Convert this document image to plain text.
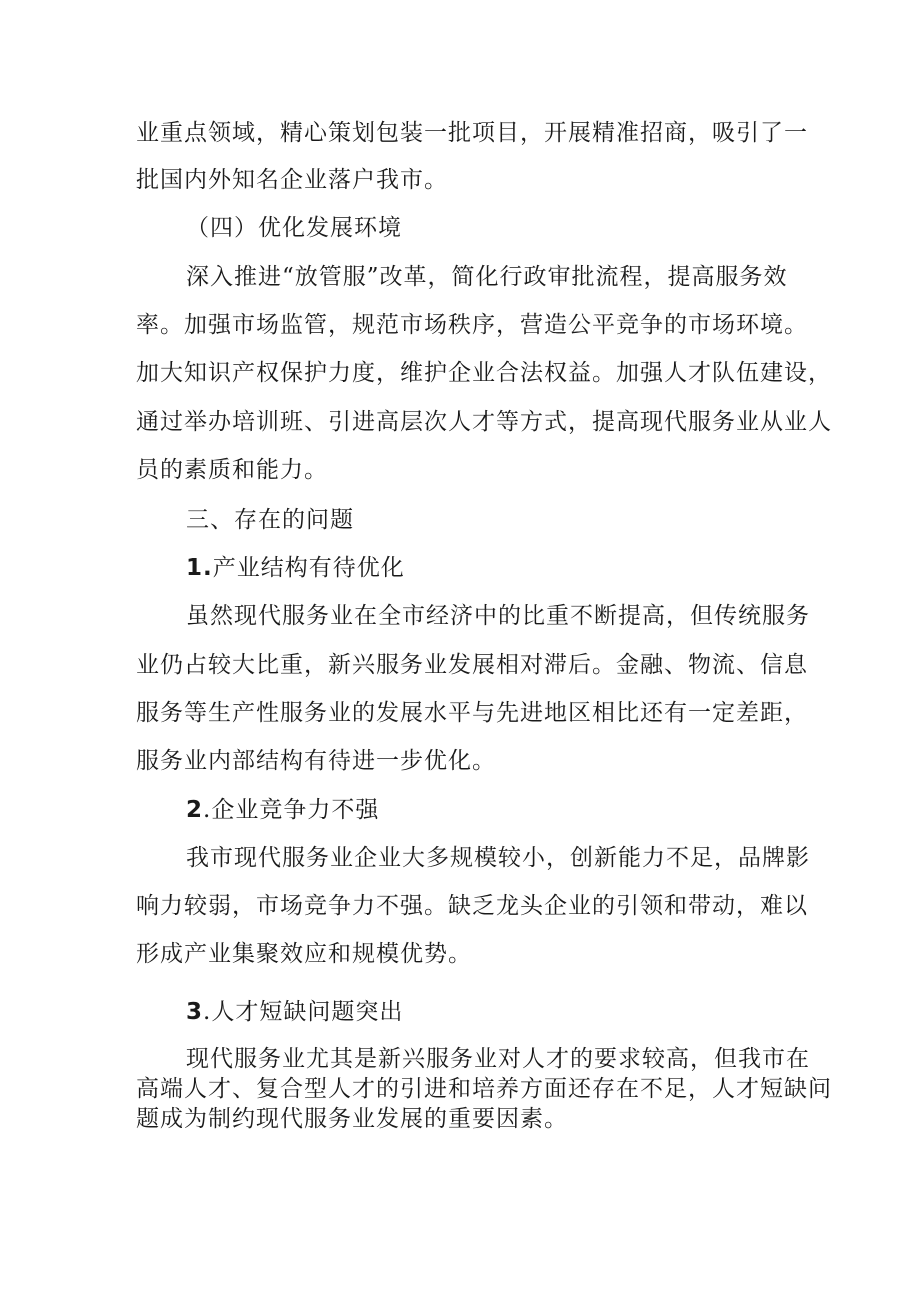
业重点领域，精心策划包装一批项目，开展精准招商，吸引了一
批国内外知名企业落户我市。
（四）优化发展环境
深入推进“放管服”改革，简化行政审批流程，提高服务效
率。加强市场监管，规范市场秩序，营造公平竞争的市场环境。
加大知识产权保护力度，维护企业合法权益。加强人才队伍建设，
通过举办培训班、引进高层次人才等方式，提高现代服务业从业人
员的素质和能力。
三、存在的问题
1.产业结构有待优化
虽然现代服务业在全市经济中的比重不断提高，但传统服务
业仍占较大比重，新兴服务业发展相对滞后。金融、物流、信息
服务等生产性服务业的发展水平与先进地区相比还有一定差距，
服务业内部结构有待进一步优化。
2.企业竞争力不强
我市现代服务业企业大多规模较小，创新能力不足，品牌影
响力较弱，市场竞争力不强。缺乏龙头企业的引领和带动，难以
形成产业集聚效应和规模优势。
3.人才短缺问题突出
现代服务业尤其是新兴服务业对人才的要求较高，但我市在
高端人才、复合型人才的引进和培养方面还存在不足，人才短缺问
题成为制约现代服务业发展的重要因素。
